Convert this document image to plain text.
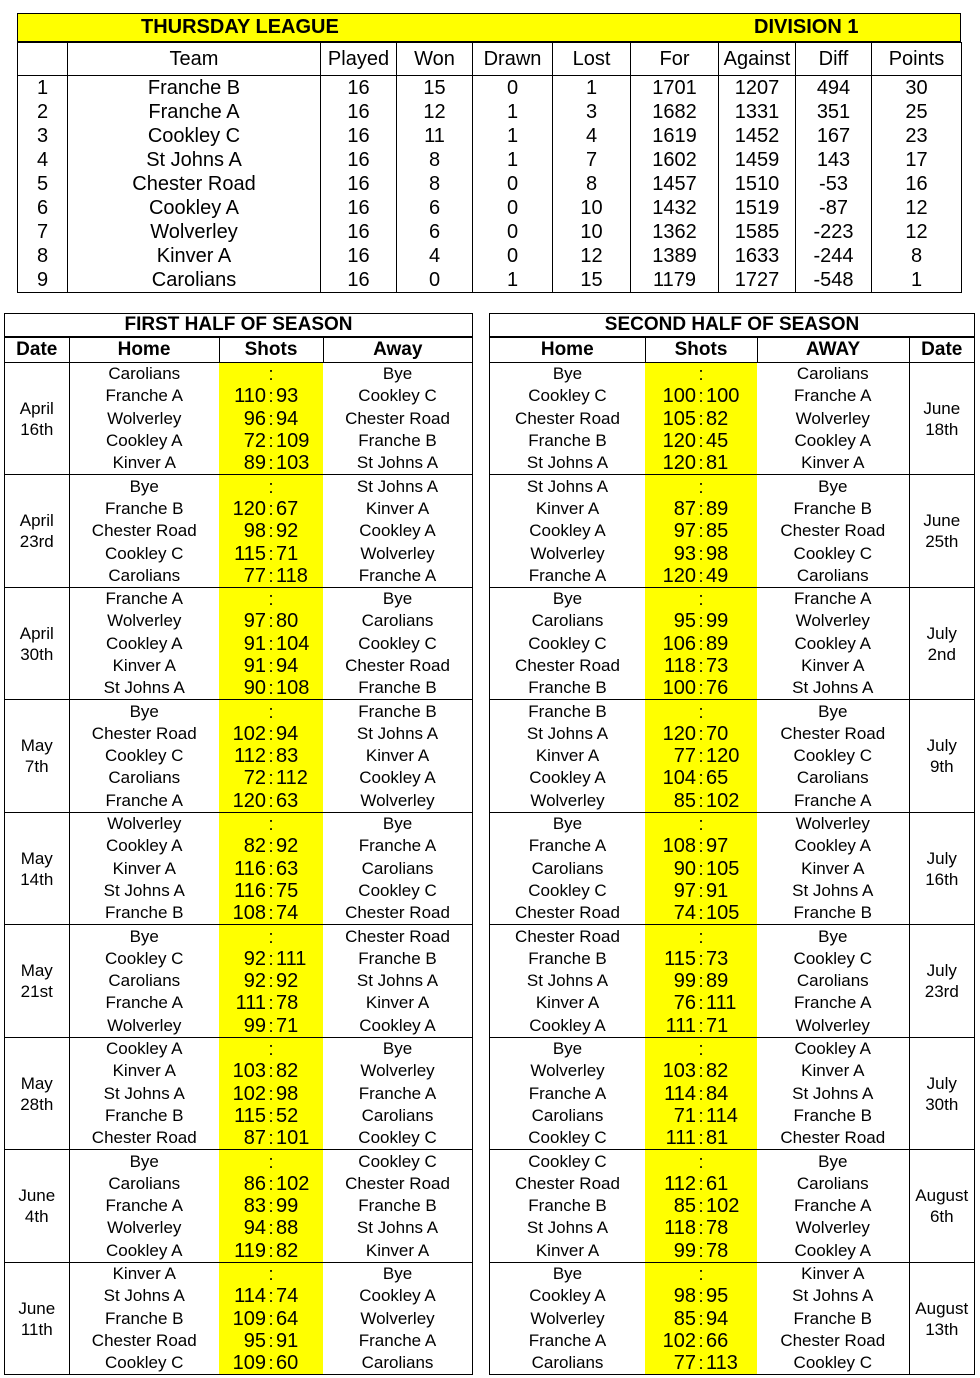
THURSDAY LEAGUE	DIVISION 1
	Team	Played	Won	Drawn	Lost	For	Against	Diff	Points
1	Franche B	16	15	0	1	1701	1207	494	30
2	Franche A	16	12	1	3	1682	1331	351	25
3	Cookley C	16	11	1	4	1619	1452	167	23
4	St Johns A	16	8	1	7	1602	1459	143	17
5	Chester Road	16	8	0	8	1457	1510	-53	16
6	Cookley A	16	6	0	10	1432	1519	-87	12
7	Wolverley	16	6	0	10	1362	1585	-223	12
8	Kinver A	16	4	0	12	1389	1633	-244	8
9	Carolians	16	0	1	15	1179	1727	-548	1
FIRST HALF OF SEASON
Date	Home	Shots			Away

April
16th	Carolians		:		Bye
	Franche A	110	:	93	Cookley C
	Wolverley	96	:	94	Chester Road
	Cookley A	72	:	109	Franche B
	Kinver A	89	:	103	St Johns A

April
23rd	Bye		:		St Johns A
	Franche B	120	:	67	Kinver A
	Chester Road	98	:	92	Cookley A
	Cookley C	115	:	71	Wolverley
	Carolians	77	:	118	Franche A

April
30th	Franche A		:		Bye
	Wolverley	97	:	80	Carolians
	Cookley A	91	:	104	Cookley C
	Kinver A	91	:	94	Chester Road
	St Johns A	90	:	108	Franche B

May
7th	Bye		:		Franche B
	Chester Road	102	:	94	St Johns A
	Cookley C	112	:	83	Kinver A
	Carolians	72	:	112	Cookley A
	Franche A	120	:	63	Wolverley

May
14th	Wolverley		:		Bye
	Cookley A	82	:	92	Franche A
	Kinver A	116	:	63	Carolians
	St Johns A	116	:	75	Cookley C
	Franche B	108	:	74	Chester Road

May
21st	Bye		:		Chester Road
	Cookley C	92	:	111	Franche B
	Carolians	92	:	92	St Johns A
	Franche A	111	:	78	Kinver A
	Wolverley	99	:	71	Cookley A

May
28th	Cookley A		:		Bye
	Kinver A	103	:	82	Wolverley
	St Johns A	102	:	98	Franche A
	Franche B	115	:	52	Carolians
	Chester Road	87	:	101	Cookley C

June
4th	Bye		:		Cookley C
	Carolians	86	:	102	Chester Road
	Franche A	83	:	99	Franche B
	Wolverley	94	:	88	St Johns A
	Cookley A	119	:	82	Kinver A

June
11th	Kinver A		:		Bye
	St Johns A	114	:	74	Cookley A
	Franche B	109	:	64	Wolverley
	Chester Road	95	:	91	Franche A
	Cookley C	109	:	60	Carolians
SECOND HALF OF SEASON
Home	Shots			AWAY	Date
Bye		:		Carolians	June
18th

Cookley C	100	:	100	Franche A	
Chester Road	105	:	82	Wolverley	
Franche B	120	:	45	Cookley A	
St Johns A	120	:	81	Kinver A	
St Johns A		:		Bye	June
25th

Kinver A	87	:	89	Franche B	
Cookley A	97	:	85	Chester Road	
Wolverley	93	:	98	Cookley C	
Franche A	120	:	49	Carolians	
Bye		:		Franche A	July
2nd

Carolians	95	:	99	Wolverley	
Cookley C	106	:	89	Cookley A	
Chester Road	118	:	73	Kinver A	
Franche B	100	:	76	St Johns A	
Franche B		:		Bye	July
9th

St Johns A	120	:	70	Chester Road	
Kinver A	77	:	120	Cookley C	
Cookley A	104	:	65	Carolians	
Wolverley	85	:	102	Franche A	
Bye		:		Wolverley	July
16th

Franche A	108	:	97	Cookley A	
Carolians	90	:	105	Kinver A	
Cookley C	97	:	91	St Johns A	
Chester Road	74	:	105	Franche B	
Chester Road		:		Bye	July
23rd

Franche B	115	:	73	Cookley C	
St Johns A	99	:	89	Carolians	
Kinver A	76	:	111	Franche A	
Cookley A	111	:	71	Wolverley	
Bye		:		Cookley A	July
30th

Wolverley	103	:	82	Kinver A	
Franche A	114	:	84	St Johns A	
Carolians	71	:	114	Franche B	
Cookley C	111	:	81	Chester Road	
Cookley C		:		Bye	August
6th

Chester Road	112	:	61	Carolians	
Franche B	85	:	102	Franche A	
St Johns A	118	:	78	Wolverley	
Kinver A	99	:	78	Cookley A	
Bye		:		Kinver A	August
13th

Cookley A	98	:	95	St Johns A	
Wolverley	85	:	94	Franche B	
Franche A	102	:	66	Chester Road	
Carolians	77	:	113	Cookley C	
